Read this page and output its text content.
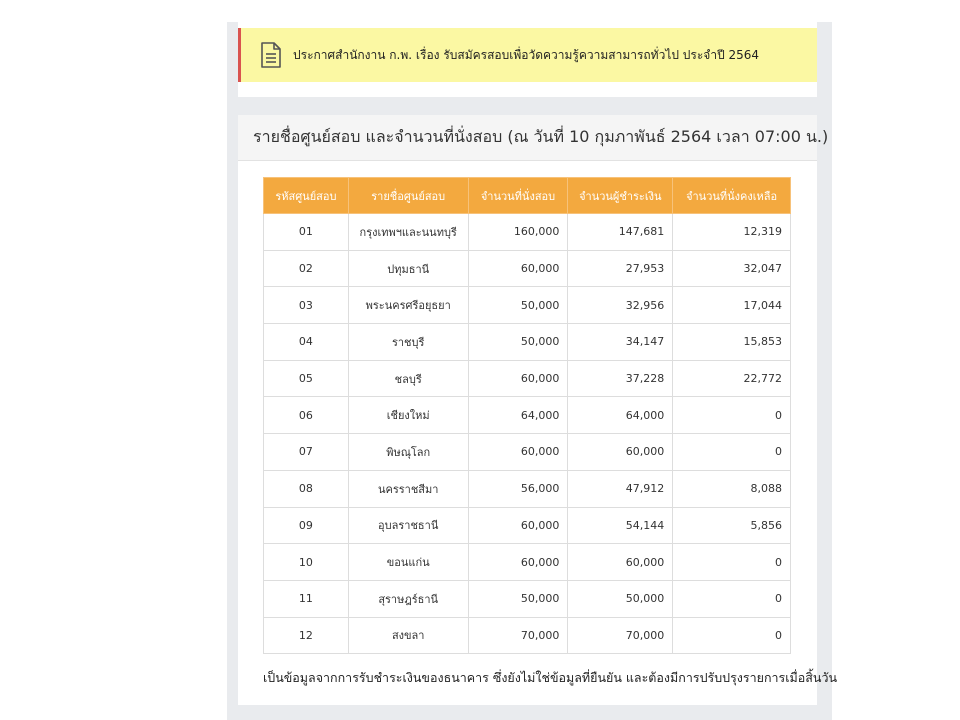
ประกาศสำนักงาน ก.พ. เรื่อง รับสมัครสอบเพื่อวัดความรู้ความสามารถทั่วไป ประจำปี 2564
รายชื่อศูนย์สอบ และจำนวนที่นั่งสอบ (ณ วันที่ 10 กุมภาพันธ์ 2564 เวลา 07:00 น.)
รหัสศูนย์สอบ	รายชื่อศูนย์สอบ	จำนวนที่นั่งสอบ	จำนวนผู้ชำระเงิน	จำนวนที่นั่งคงเหลือ
01	กรุงเทพฯและนนทบุรี	160,000	147,681	12,319
02	ปทุมธานี	60,000	27,953	32,047
03	พระนครศรีอยุธยา	50,000	32,956	17,044
04	ราชบุรี	50,000	34,147	15,853
05	ชลบุรี	60,000	37,228	22,772
06	เชียงใหม่	64,000	64,000	0
07	พิษณุโลก	60,000	60,000	0
08	นครราชสีมา	56,000	47,912	8,088
09	อุบลราชธานี	60,000	54,144	5,856
10	ขอนแก่น	60,000	60,000	0
11	สุราษฎร์ธานี	50,000	50,000	0
12	สงขลา	70,000	70,000	0
เป็นข้อมูลจากการรับชำระเงินของธนาคาร ซึ่งยังไม่ใช่ข้อมูลที่ยืนยัน และต้องมีการปรับปรุงรายการเมื่อสิ้นวัน
